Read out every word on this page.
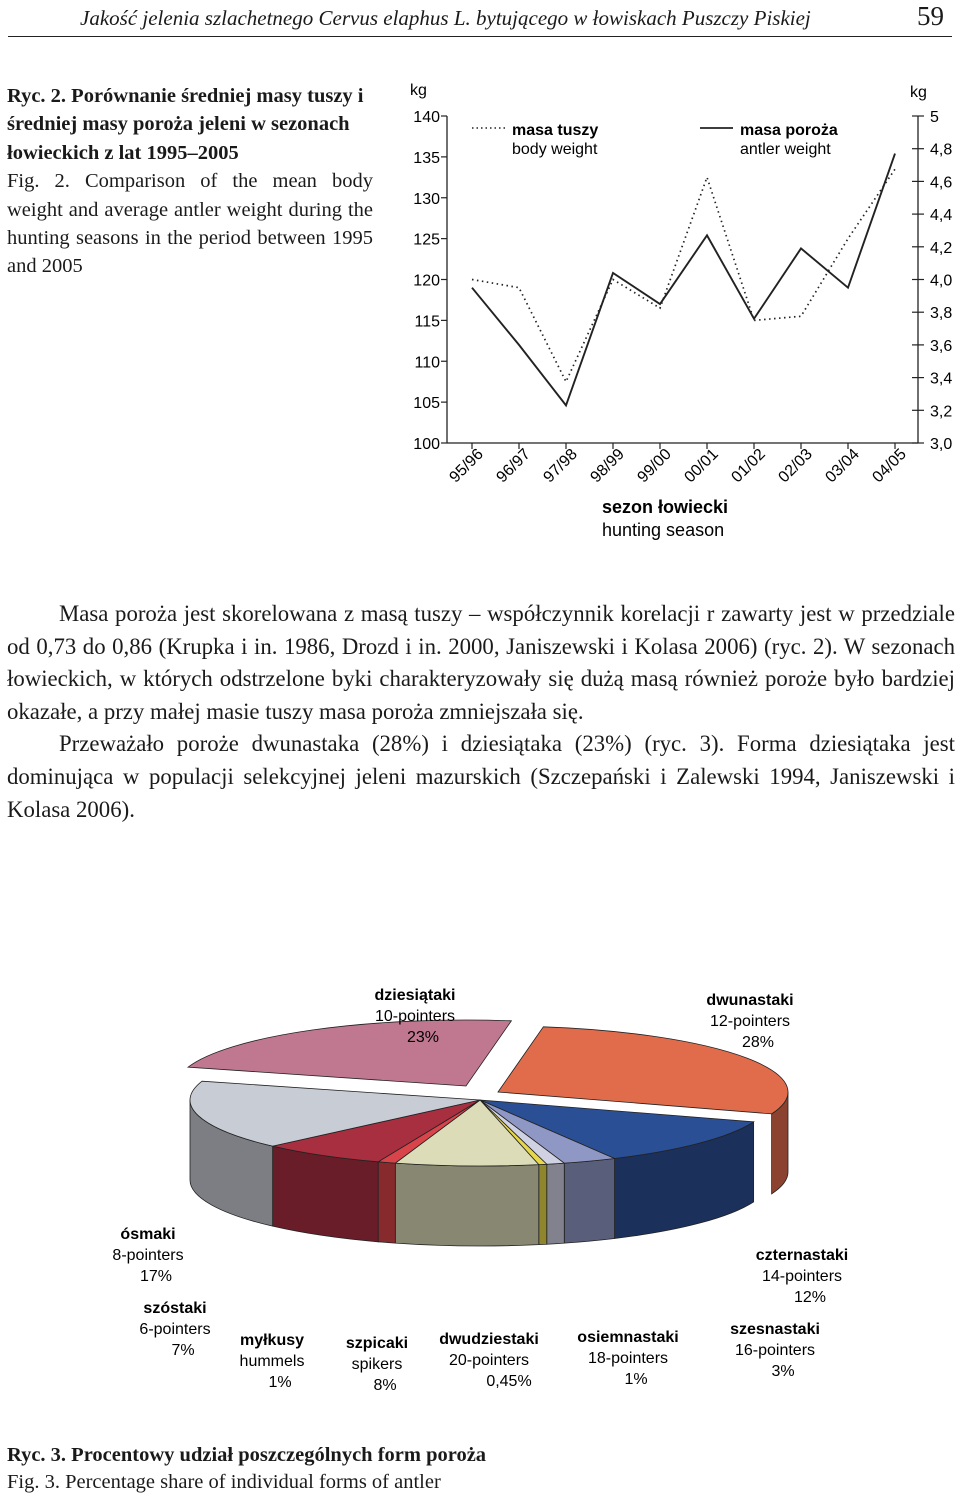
Jakość jelenia szlachetnego Cervus elaphus L. bytującego w łowiskach Puszczy Piskiej	59
Ryc. 2. Porównanie średniej masy tuszy i średniej masy poroża jeleni w sezonach łowieckich z lat 1995–2005
Fig. 2. Comparison of the mean body weight and average antler weight during the hunting seasons in the period between 1995 and 2005
100
105
110
115
120
125
130
135
140
3,0
3,2
3,4
3,6
3,8
4,0
4,2
4,4
4,6
4,8
5
95/96 96/97 97/98 98/99 99/00 00/01 01/02 02/03 03/04 04/05
masa tuszy
body weight
masa poroża
antler weight
kg	kg
sezon łowiecki
hunting season

Masa poroża jest skorelowana z masą tuszy – współczynnik korelacji r zawarty jest w przedziale od 0,73 do 0,86 (Krupka i in. 1986, Drozd i in. 2000, Janiszewski i Kolasa 2006) (ryc. 2). W sezonach łowieckich, w których odstrzelone byki charakteryzowały się dużą masą również poroże było bardziej okazałe, a przy małej masie tuszy masa poroża zmniejszała się.

Przeważało poroże dwunastaka (28%) i dziesiątaka (23%) (ryc. 3). Forma dziesiątaka jest dominująca w populacji selekcyjnej jeleni mazurskich (Szczepański i Zalewski 1994, Janiszewski i Kolasa 2006).

dwunastaki
12-pointers
28%
czternastaki
14-pointers
12%
szesnastaki
16-pointers
3%
osiemnastaki
18-pointers
1%
dwudziestaki
20-pointers
0,45%
szpicaki
spikers
8%
myłkusy
hummels
1%
szóstaki
6-pointers
7%
ósmaki
8-pointers
17%
dziesiątaki
10-pointers
23%
Ryc. 3. Procentowy udział poszczególnych form poroża
Fig. 3. Percentage share of individual forms of antler
